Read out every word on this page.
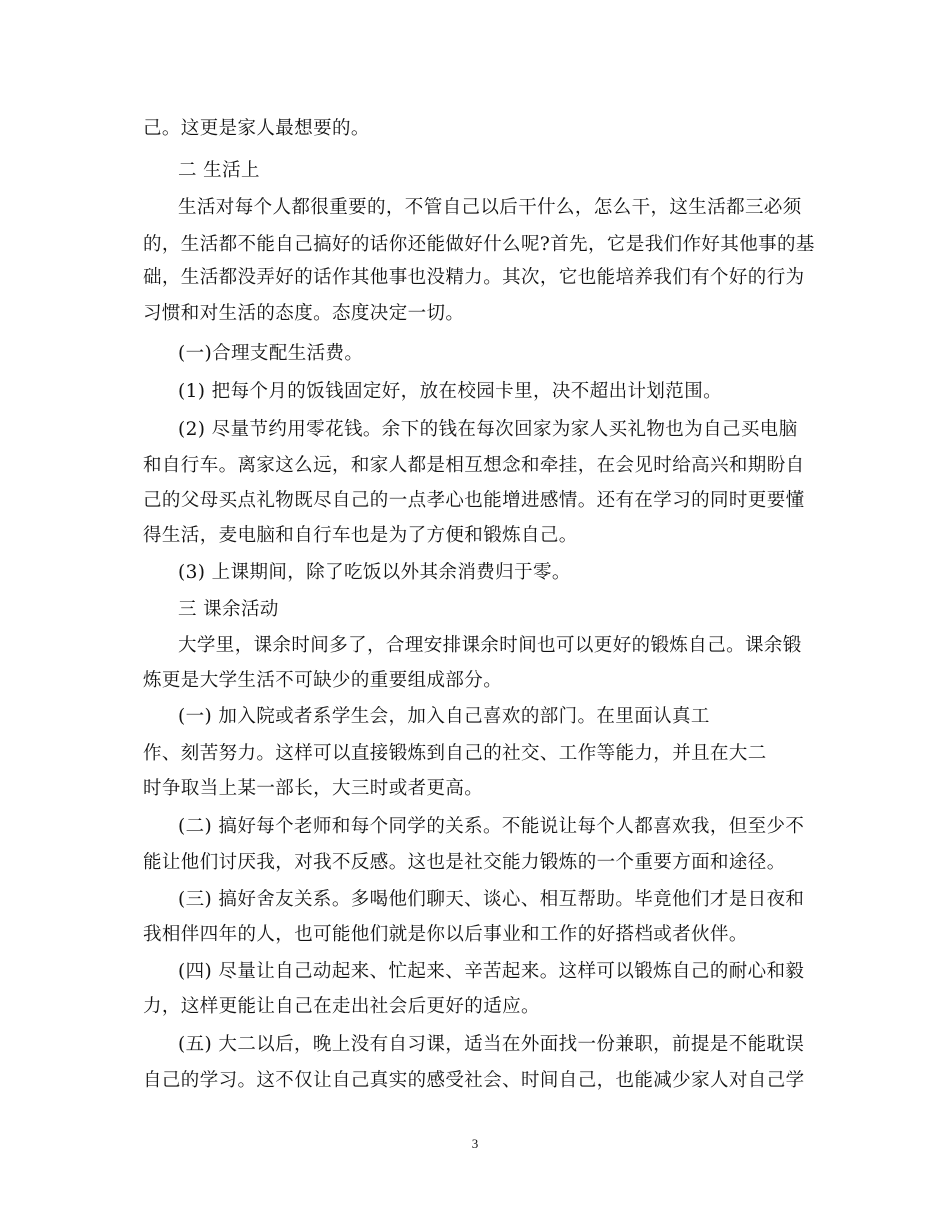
己。这更是家人最想要的。
二 生活上
生活对每个人都很重要的，不管自己以后干什么，怎么干，这生活都三必须
的，生活都不能自己搞好的话你还能做好什么呢?首先，它是我们作好其他事的基
础，生活都没弄好的话作其他事也没精力。其次，它也能培养我们有个好的行为
习惯和对生活的态度。态度决定一切。
(一)合理支配生活费。
(1) 把每个月的饭钱固定好，放在校园卡里，决不超出计划范围。
(2) 尽量节约用零花钱。余下的钱在每次回家为家人买礼物也为自己买电脑
和自行车。离家这么远，和家人都是相互想念和牵挂，在会见时给高兴和期盼自
己的父母买点礼物既尽自己的一点孝心也能增进感情。还有在学习的同时更要懂
得生活，麦电脑和自行车也是为了方便和锻炼自己。
(3) 上课期间，除了吃饭以外其余消费归于零。
三 课余活动
大学里，课余时间多了，合理安排课余时间也可以更好的锻炼自己。课余锻
炼更是大学生活不可缺少的重要组成部分。
(一) 加入院或者系学生会，加入自己喜欢的部门。在里面认真工
作、刻苦努力。这样可以直接锻炼到自己的社交、工作等能力，并且在大二
时争取当上某一部长，大三时或者更高。
(二) 搞好每个老师和每个同学的关系。不能说让每个人都喜欢我，但至少不
能让他们讨厌我，对我不反感。这也是社交能力锻炼的一个重要方面和途径。
(三) 搞好舍友关系。多喝他们聊天、谈心、相互帮助。毕竟他们才是日夜和
我相伴四年的人，也可能他们就是你以后事业和工作的好搭档或者伙伴。
(四) 尽量让自己动起来、忙起来、辛苦起来。这样可以锻炼自己的耐心和毅
力，这样更能让自己在走出社会后更好的适应。
(五) 大二以后，晚上没有自习课，适当在外面找一份兼职，前提是不能耽误
自己的学习。这不仅让自己真实的感受社会、时间自己，也能减少家人对自己学
3
